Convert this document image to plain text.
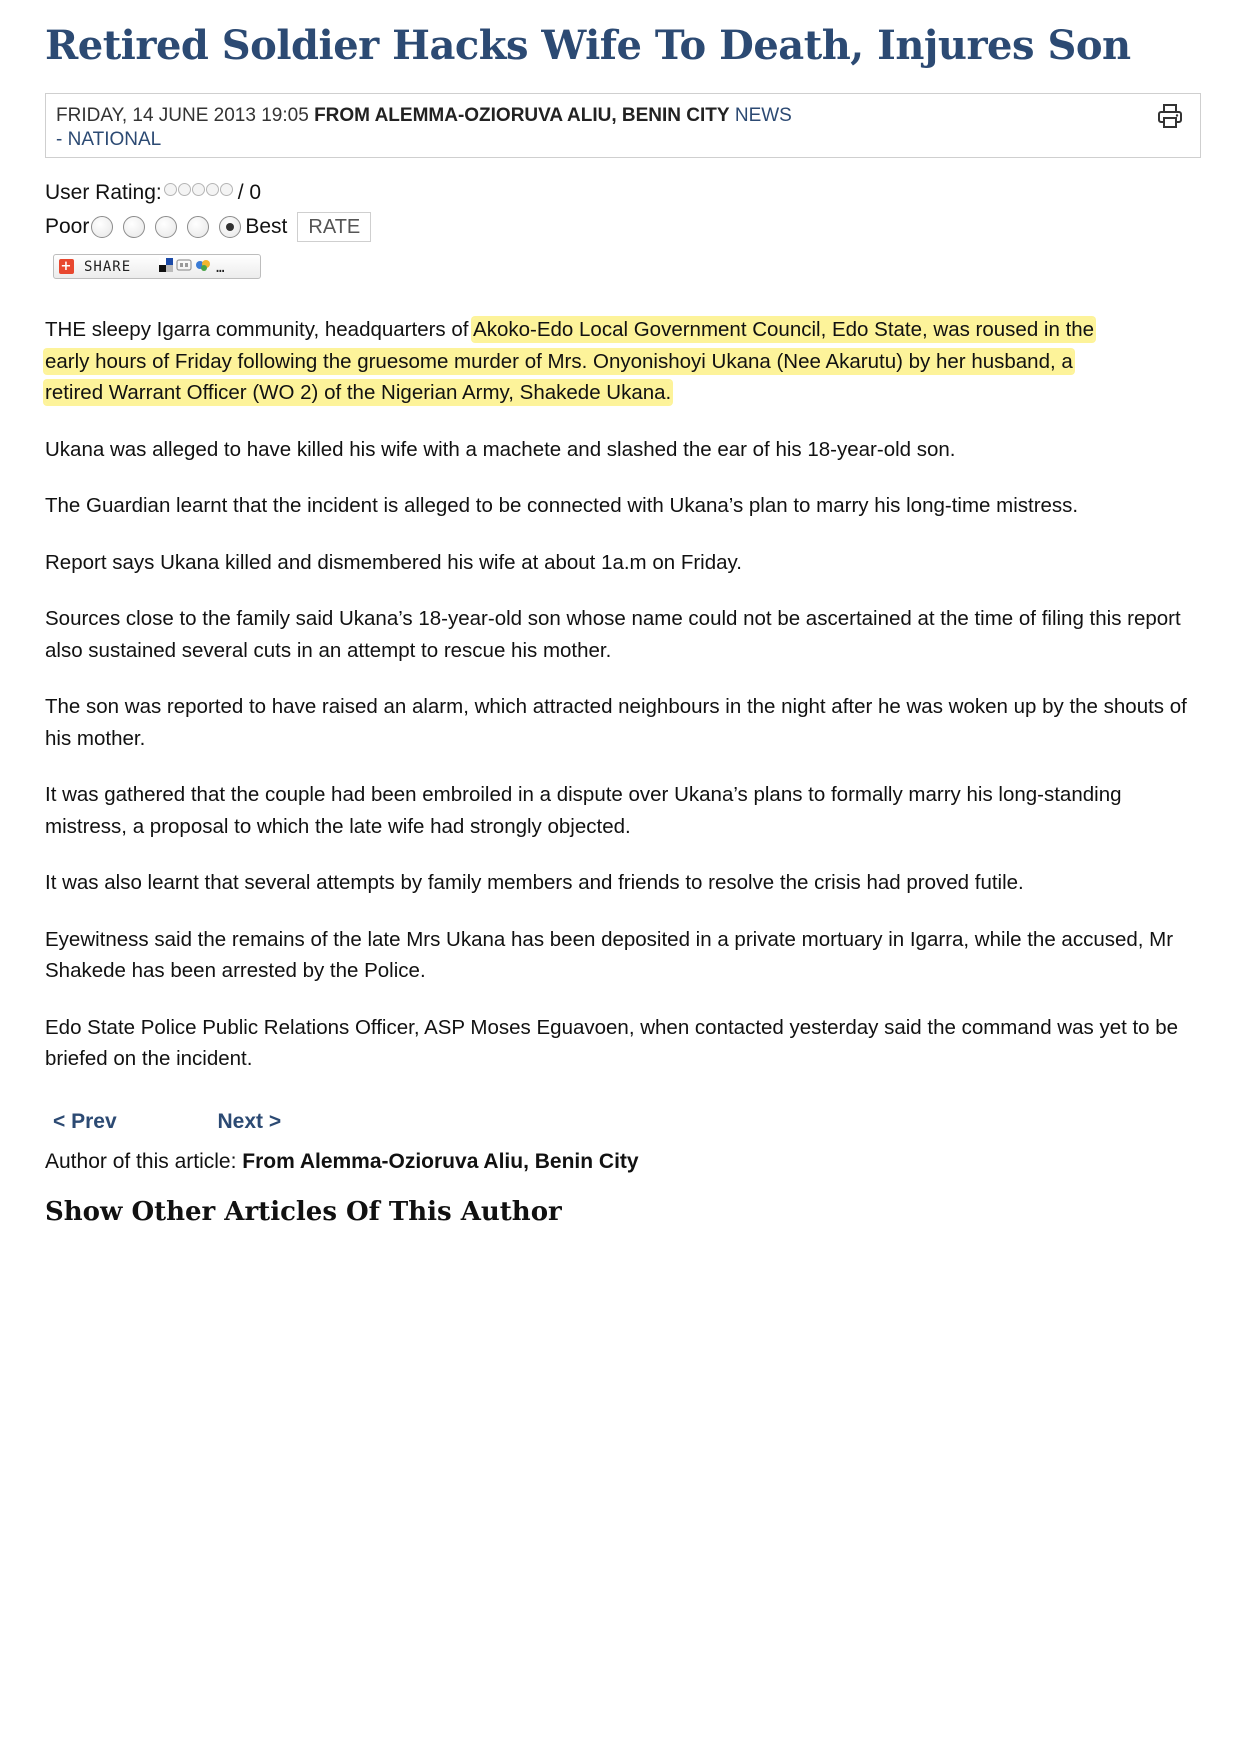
Retired Soldier Hacks Wife To Death, Injures Son
FRIDAY, 14 JUNE 2013 19:05 FROM ALEMMA-OZIORUVA ALIU, BENIN CITY NEWS
- NATIONAL
User Rating:	/ 0
Poor	Best	RATE
+ SHARE	…

THE sleepy Igarra community, headquarters of Akoko-Edo Local Government Council, Edo State, was roused in the
early hours of Friday following the gruesome murder of Mrs. Onyonishoyi Ukana (Nee Akarutu) by her husband, a
retired Warrant Officer (WO 2) of the Nigerian Army, Shakede Ukana.

Ukana was alleged to have killed his wife with a machete and slashed the ear of his 18-year-old son.

The Guardian learnt that the incident is alleged to be connected with Ukana’s plan to marry his long-time mistress.

Report says Ukana killed and dismembered his wife at about 1a.m on Friday.

Sources close to the family said Ukana’s 18-year-old son whose name could not be ascertained at the time of filing this report also sustained several cuts in an attempt to rescue his mother.

The son was reported to have raised an alarm, which attracted neighbours in the night after he was woken up by the shouts of his mother.

It was gathered that the couple had been embroiled in a dispute over Ukana’s plans to formally marry his long-standing mistress, a proposal to which the late wife had strongly objected.

It was also learnt that several attempts by family members and friends to resolve the crisis had proved futile.

Eyewitness said the remains of the late Mrs Ukana has been deposited in a private mortuary in Igarra, while the accused, Mr Shakede has been arrested by the Police.

Edo State Police Public Relations Officer, ASP Moses Eguavoen, when contacted yesterday said the command was yet to be briefed on the incident.

< Prev	Next >
Author of this article: From Alemma-Ozioruva Aliu, Benin City
Show Other Articles Of This Author
